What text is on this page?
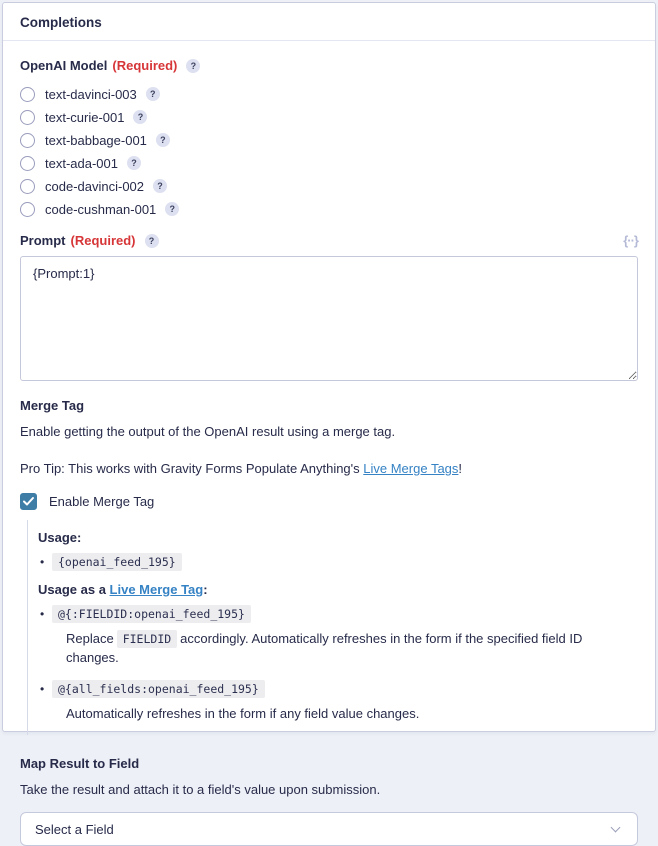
Completions
OpenAI Model (Required)	?
text-davinci-003	?
text-curie-001	?
text-babbage-001	?
text-ada-001	?
code-davinci-002	?
code-cushman-001	?
Prompt (Required)	?	{··}
{Prompt:1}
Merge Tag
Enable getting the output of the OpenAI result using a merge tag.
Pro Tip: This works with Gravity Forms Populate Anything's Live Merge Tags!
Enable Merge Tag
Usage:
• {openai_feed_195}
Usage as a Live Merge Tag:
• @{:FIELDID:openai_feed_195}
Replace FIELDID accordingly. Automatically refreshes in the form if the specified field ID changes.
• @{all_fields:openai_feed_195}
Automatically refreshes in the form if any field value changes.
Map Result to Field
Take the result and attach it to a field's value upon submission.
Select a Field
